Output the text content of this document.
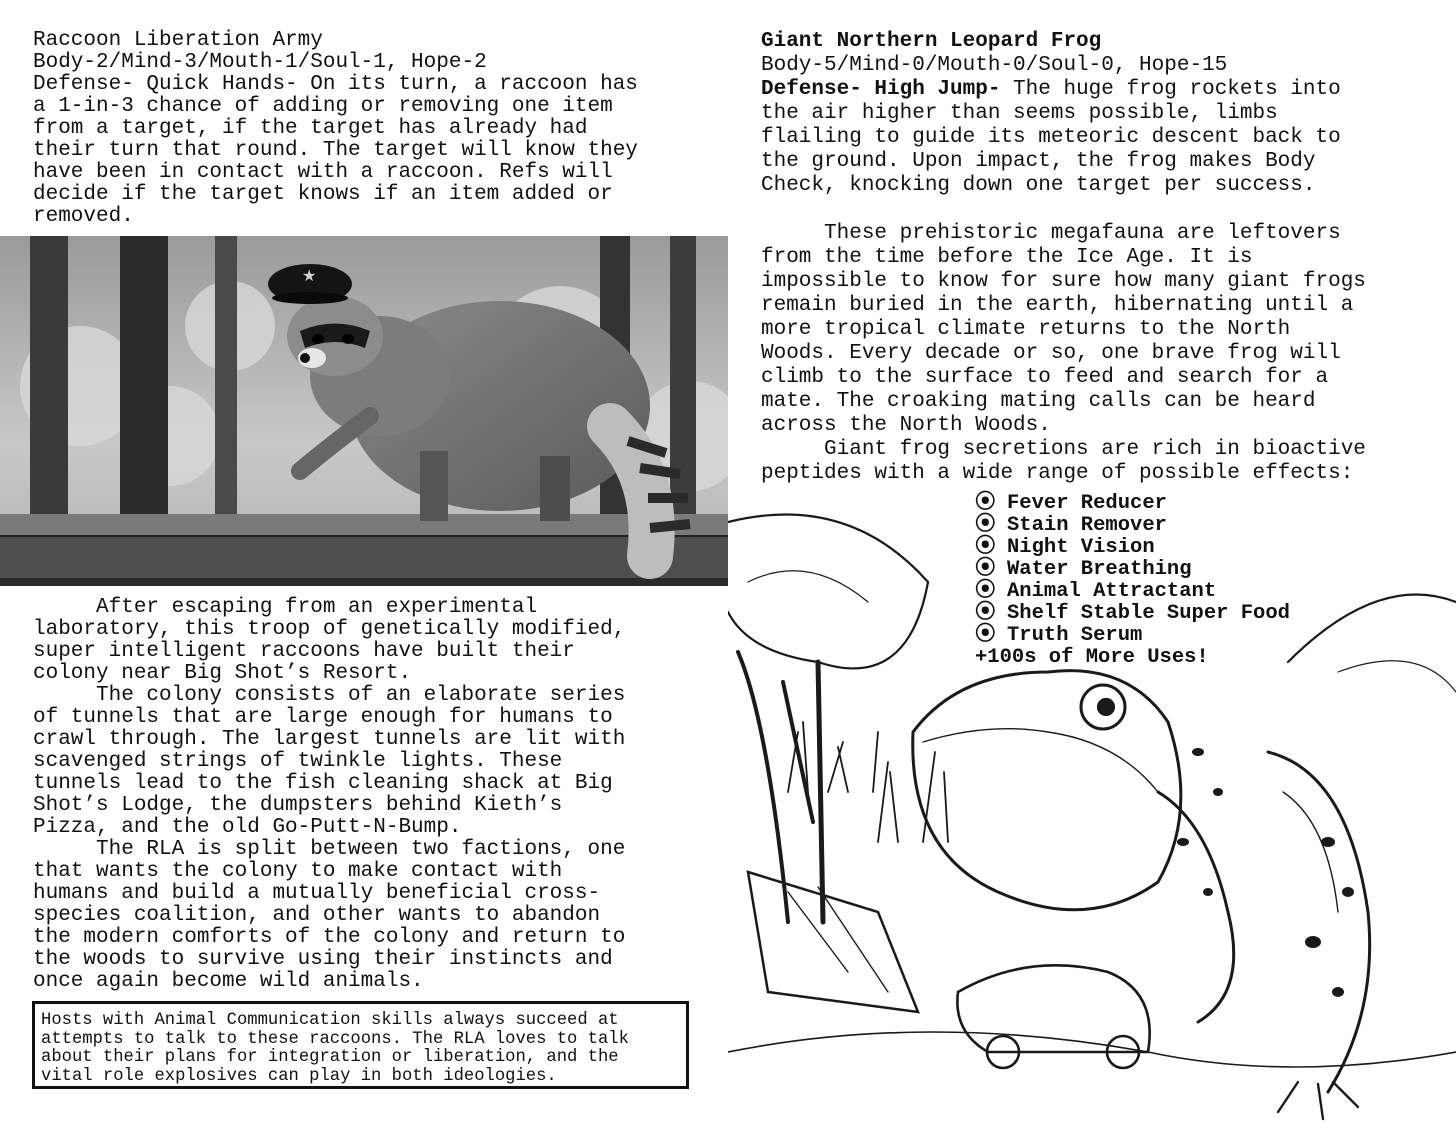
Raccoon Liberation Army
Body-2/Mind-3/Mouth-1/Soul-1, Hope-2
Defense- Quick Hands- On its turn, a raccoon has
a 1-in-3 chance of adding or removing one item
from a target, if the target has already had
their turn that round. The target will know they
have been in contact with a raccoon. Refs will
decide if the target knows if an item added or
removed.
★
After escaping from an experimental
laboratory, this troop of genetically modified,
super intelligent raccoons have built their
colony near Big Shot’s Resort.
The colony consists of an elaborate series
of tunnels that are large enough for humans to
crawl through. The largest tunnels are lit with
scavenged strings of twinkle lights. These
tunnels lead to the fish cleaning shack at Big
Shot’s Lodge, the dumpsters behind Kieth’s
Pizza, and the old Go-Putt-N-Bump.
The RLA is split between two factions, one
that wants the colony to make contact with
humans and build a mutually beneficial cross-
species coalition, and other wants to abandon
the modern comforts of the colony and return to
the woods to survive using their instincts and
once again become wild animals.
Hosts with Animal Communication skills always succeed at
attempts to talk to these raccoons. The RLA loves to talk
about their plans for integration or liberation, and the
vital role explosives can play in both ideologies.
Giant Northern Leopard Frog
Body-5/Mind-0/Mouth-0/Soul-0, Hope-15
Defense- High Jump- The huge frog rockets into
the air higher than seems possible, limbs
flailing to guide its meteoric descent back to
the ground. Upon impact, the frog makes Body
Check, knocking down one target per success.
These prehistoric megafauna are leftovers
from the time before the Ice Age. It is
impossible to know for sure how many giant frogs
remain buried in the earth, hibernating until a
more tropical climate returns to the North
Woods. Every decade or so, one brave frog will
climb to the surface to feed and search for a
mate. The croaking mating calls can be heard
across the North Woods.
Giant frog secretions are rich in bioactive
peptides with a wide range of possible effects:
⦿ Fever Reducer
⦿ Stain Remover
⦿ Night Vision
⦿ Water Breathing
⦿ Animal Attractant
⦿ Shelf Stable Super Food
⦿ Truth Serum
+100s of More Uses!
